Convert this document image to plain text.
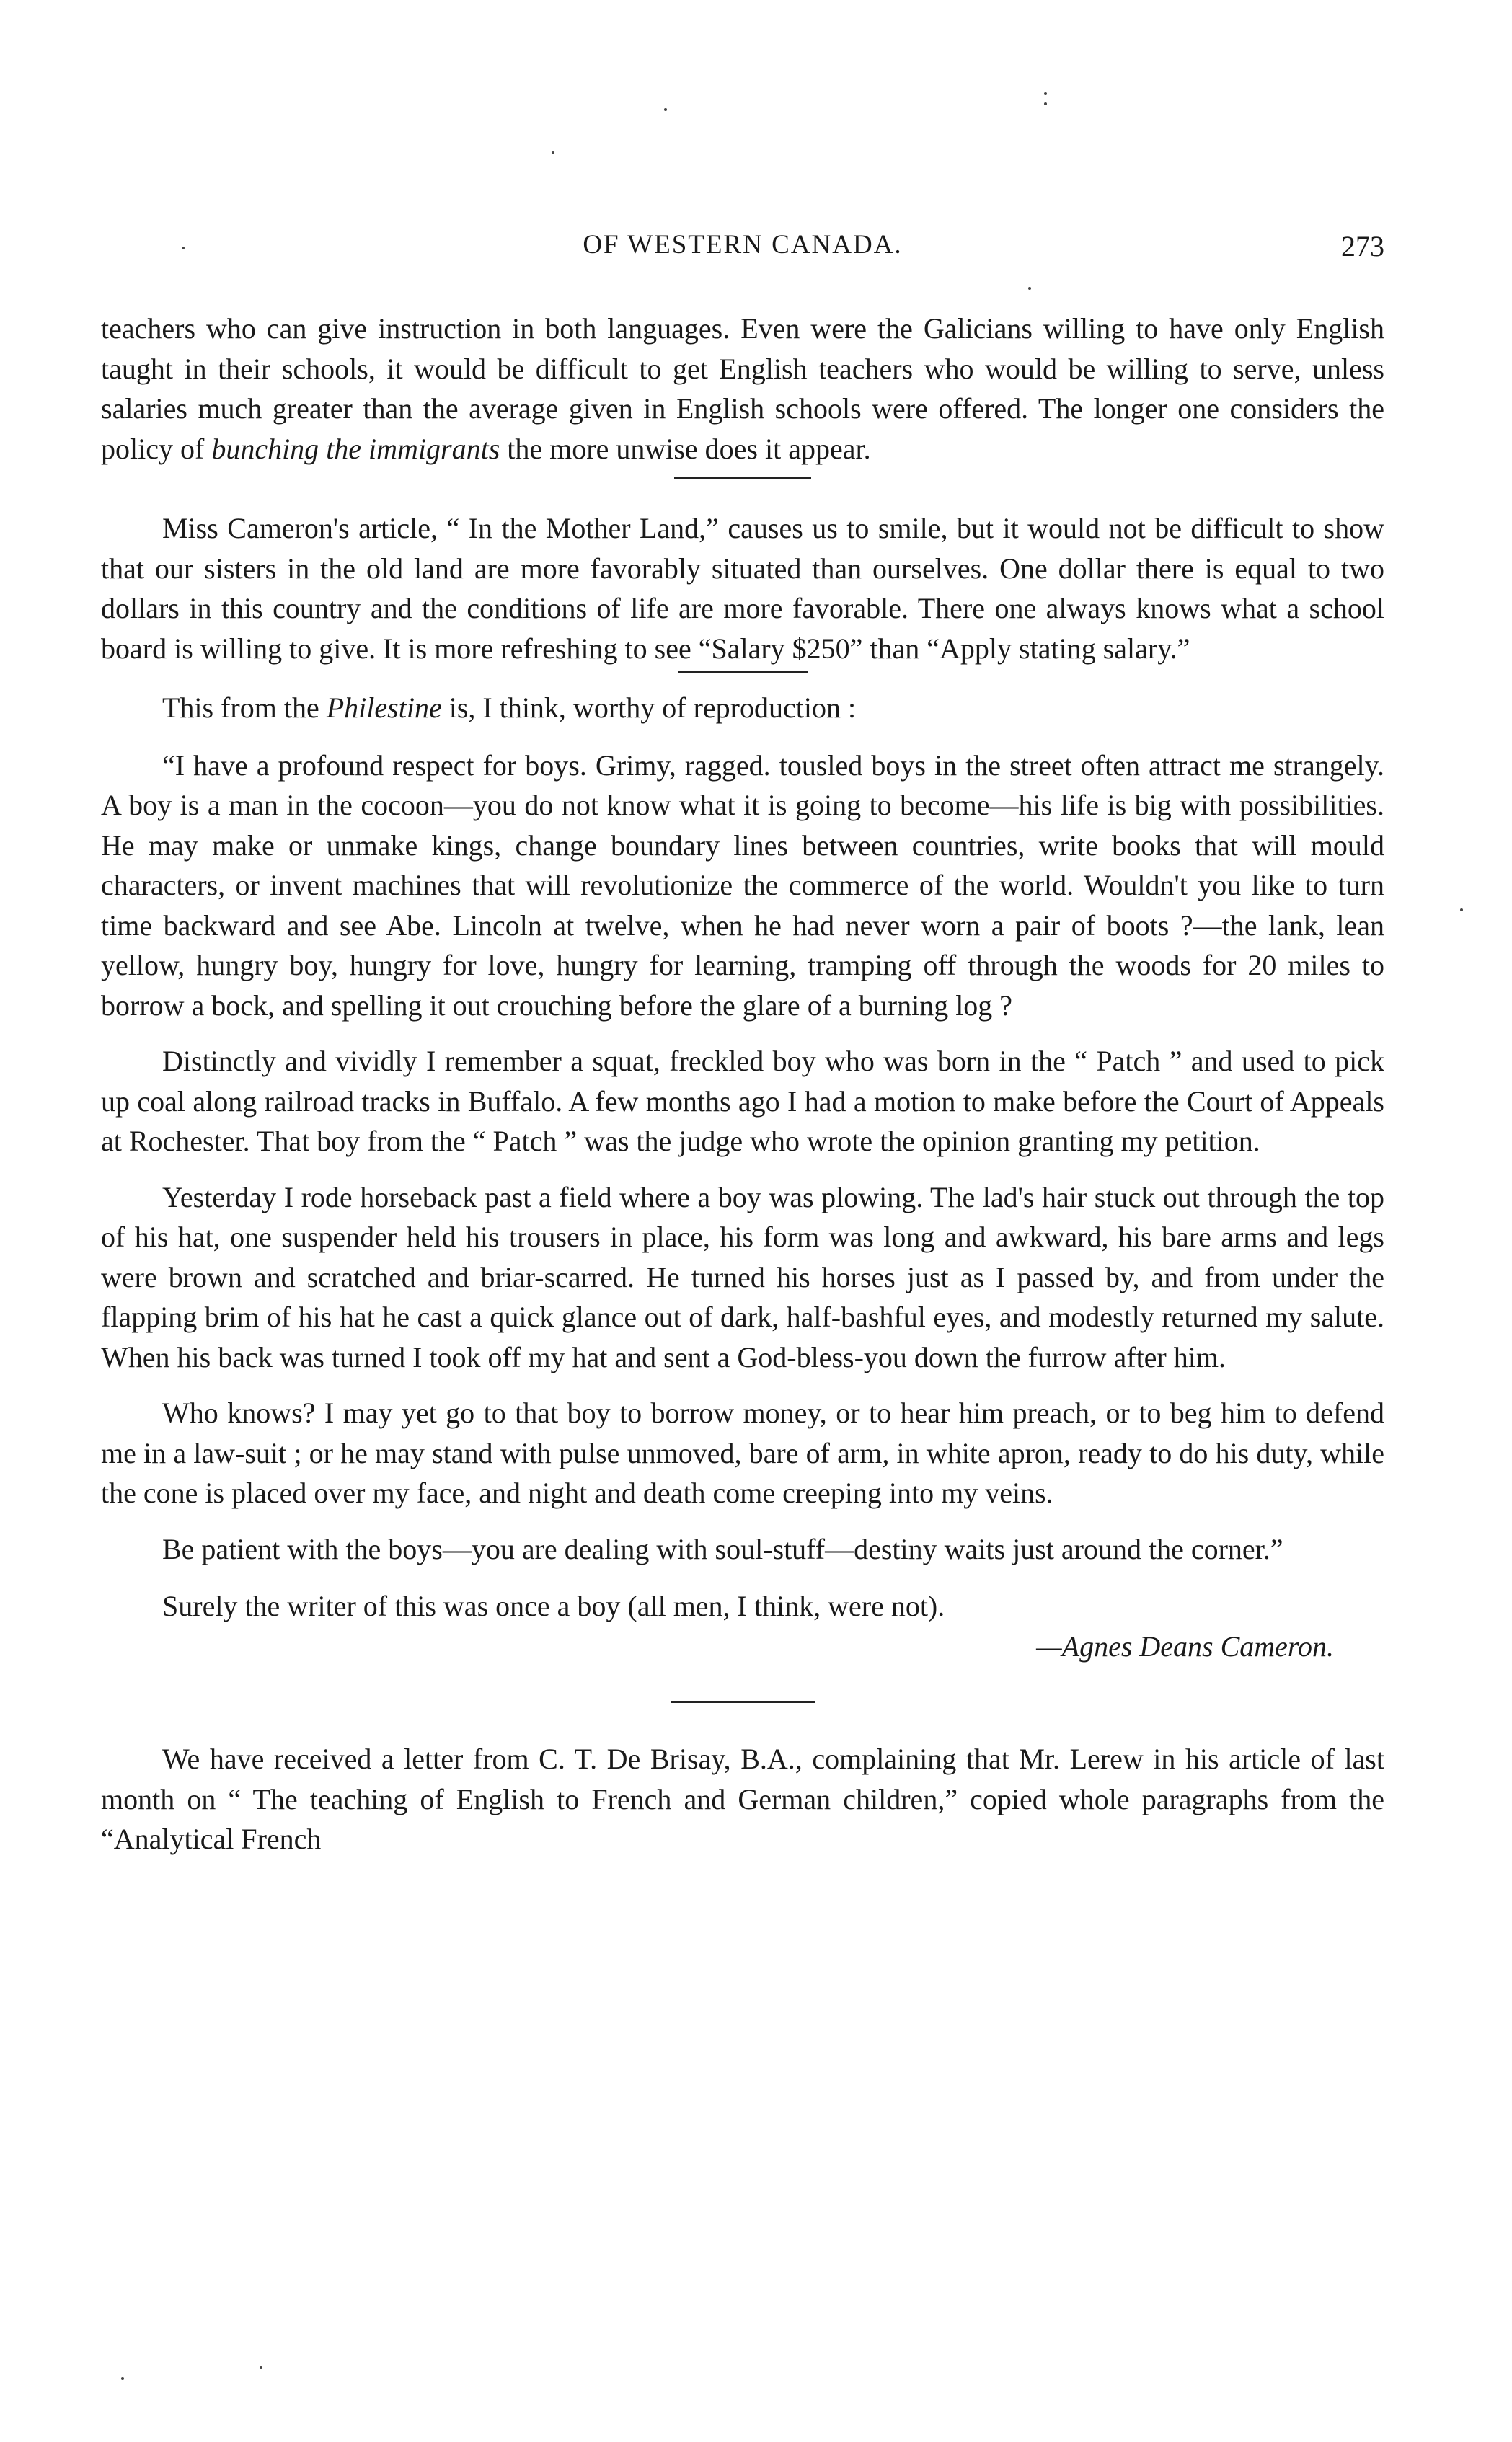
OF WESTERN CANADA.	273

teachers who can give instruction in both languages. Even were the Galicians willing to have only English taught in their schools, it would be difficult to get English teachers who would be willing to serve, unless salaries much greater than the average given in English schools were offered. The longer one considers the policy of bunching the immigrants the more unwise does it appear.

Miss Cameron's article, “ In the Mother Land,” causes us to smile, but it would not be difficult to show that our sisters in the old land are more favorably situated than ourselves. One dollar there is equal to two dollars in this country and the conditions of life are more favorable. There one always knows what a school board is willing to give. It is more refreshing to see “Salary $250” than “Apply stating salary.”

This from the Philestine is, I think, worthy of reproduction :

“I have a profound respect for boys. Grimy, ragged. tousled boys in the street often attract me strangely. A boy is a man in the cocoon—you do not know what it is going to become—his life is big with possibilities. He may make or unmake kings, change boundary lines between countries, write books that will mould characters, or invent machines that will revolutionize the commerce of the world. Wouldn't you like to turn time backward and see Abe. Lincoln at twelve, when he had never worn a pair of boots ?—the lank, lean yellow, hungry boy, hungry for love, hungry for learning, tramping off through the woods for 20 miles to borrow a bock, and spelling it out crouching before the glare of a burning log ?

Distinctly and vividly I remember a squat, freckled boy who was born in the “ Patch ” and used to pick up coal along railroad tracks in Buffalo. A few months ago I had a motion to make before the Court of Appeals at Rochester. That boy from the “ Patch ” was the judge who wrote the opinion granting my petition.

Yesterday I rode horseback past a field where a boy was plowing. The lad's hair stuck out through the top of his hat, one suspender held his trousers in place, his form was long and awkward, his bare arms and legs were brown and scratched and briar-scarred. He turned his horses just as I passed by, and from under the flapping brim of his hat he cast a quick glance out of dark, half-bashful eyes, and modestly returned my salute. When his back was turned I took off my hat and sent a God-bless-you down the furrow after him.

Who knows? I may yet go to that boy to borrow money, or to hear him preach, or to beg him to defend me in a law-suit ; or he may stand with pulse unmoved, bare of arm, in white apron, ready to do his duty, while the cone is placed over my face, and night and death come creeping into my veins.

Be patient with the boys—you are dealing with soul-stuff—destiny waits just around the corner.”

Surely the writer of this was once a boy (all men, I think, were not).

—Agnes Deans Cameron.

We have received a letter from C. T. De Brisay, B.A., complaining that Mr. Lerew in his article of last month on “ The teaching of English to French and German children,” copied whole paragraphs from the “Analytical French
